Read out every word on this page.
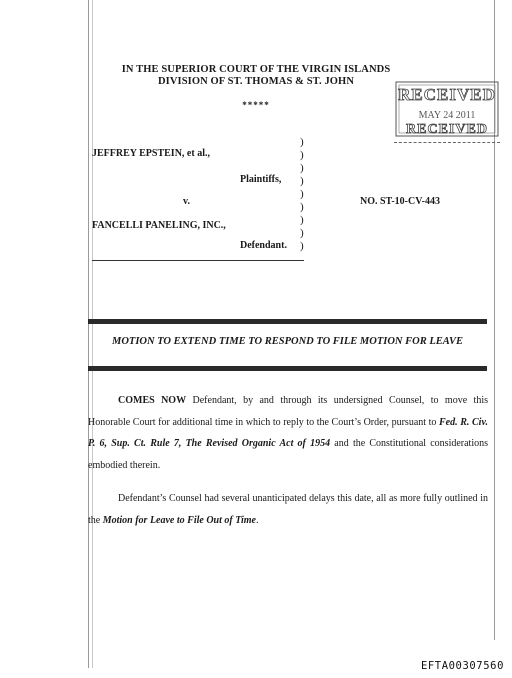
IN THE SUPERIOR COURT OF THE VIRGIN ISLANDS
DIVISION OF ST. THOMAS & ST. JOHN
*****
RECEIVED
MAY 24 2011
RECEIVED
JEFFREY EPSTEIN, et al.,
Plaintiffs,
v.
FANCELLI PANELING, INC.,
Defendant.
NO. ST-10-CV-443
)
)
)
)
)
)
)
)
)
MOTION TO EXTEND TIME TO RESPOND TO FILE MOTION FOR LEAVE
COMES NOW Defendant, by and through its undersigned Counsel, to move this Honorable Court for additional time in which to reply to the Court’s Order, pursuant to Fed. R. Civ. P. 6, Sup. Ct. Rule 7, The Revised Organic Act of 1954 and the Constitutional considerations embodied therein.
Defendant’s Counsel had several unanticipated delays this date, all as more fully outlined in the Motion for Leave to File Out of Time.
EFTA00307560
